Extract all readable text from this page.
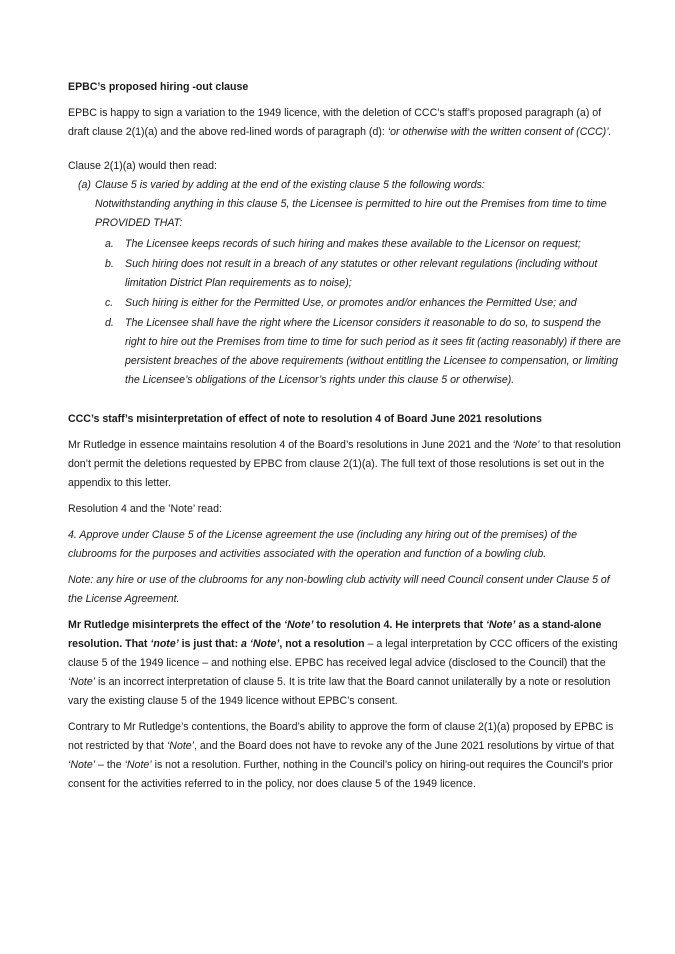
EPBC’s proposed hiring -out clause

EPBC is happy to sign a variation to the 1949 licence, with the deletion of CCC’s staff’s proposed paragraph (a) of draft clause 2(1)(a) and the above red-lined words of paragraph (d): ‘or otherwise with the written consent of (CCC)’.

Clause 2(1)(a) would then read:

(a) Clause 5 is varied by adding at the end of the existing clause 5 the following words:
Notwithstanding anything in this clause 5, the Licensee is permitted to hire out the Premises from time to time PROVIDED THAT:
a.	The Licensee keeps records of such hiring and makes these available to the Licensor on request;
b.	Such hiring does not result in a breach of any statutes or other relevant regulations (including without limitation District Plan requirements as to noise);
c.	Such hiring is either for the Permitted Use, or promotes and/or enhances the Permitted Use; and
d.	The Licensee shall have the right where the Licensor considers it reasonable to do so, to suspend the right to hire out the Premises from time to time for such period as it sees fit (acting reasonably) if there are persistent breaches of the above requirements (without entitling the Licensee to compensation, or limiting the Licensee’s obligations of the Licensor’s rights under this clause 5 or otherwise).

CCC’s staff’s misinterpretation of effect of note to resolution 4 of Board June 2021 resolutions

Mr Rutledge in essence maintains resolution 4 of the Board’s resolutions in June 2021 and the ‘Note’ to that resolution don’t permit the deletions requested by EPBC from clause 2(1)(a). The full text of those resolutions is set out in the appendix to this letter.

Resolution 4 and the ’Note’ read:

4. Approve under Clause 5 of the License agreement the use (including any hiring out of the premises) of the clubrooms for the purposes and activities associated with the operation and function of a bowling club.

Note: any hire or use of the clubrooms for any non-bowling club activity will need Council consent under Clause 5 of the License Agreement.

Mr Rutledge misinterprets the effect of the ‘Note’ to resolution 4. He interprets that ‘Note’ as a stand-alone resolution. That ‘note’ is just that: a ‘Note’, not a resolution – a legal interpretation by CCC officers of the existing clause 5 of the 1949 licence – and nothing else. EPBC has received legal advice (disclosed to the Council) that the ‘Note’ is an incorrect interpretation of clause 5. It is trite law that the Board cannot unilaterally by a note or resolution vary the existing clause 5 of the 1949 licence without EPBC’s consent.

Contrary to Mr Rutledge’s contentions, the Board’s ability to approve the form of clause 2(1)(a) proposed by EPBC is not restricted by that ‘Note’, and the Board does not have to revoke any of the June 2021 resolutions by virtue of that ‘Note’ – the ‘Note’ is not a resolution. Further, nothing in the Council’s policy on hiring-out requires the Council’s prior consent for the activities referred to in the policy, nor does clause 5 of the 1949 licence.
